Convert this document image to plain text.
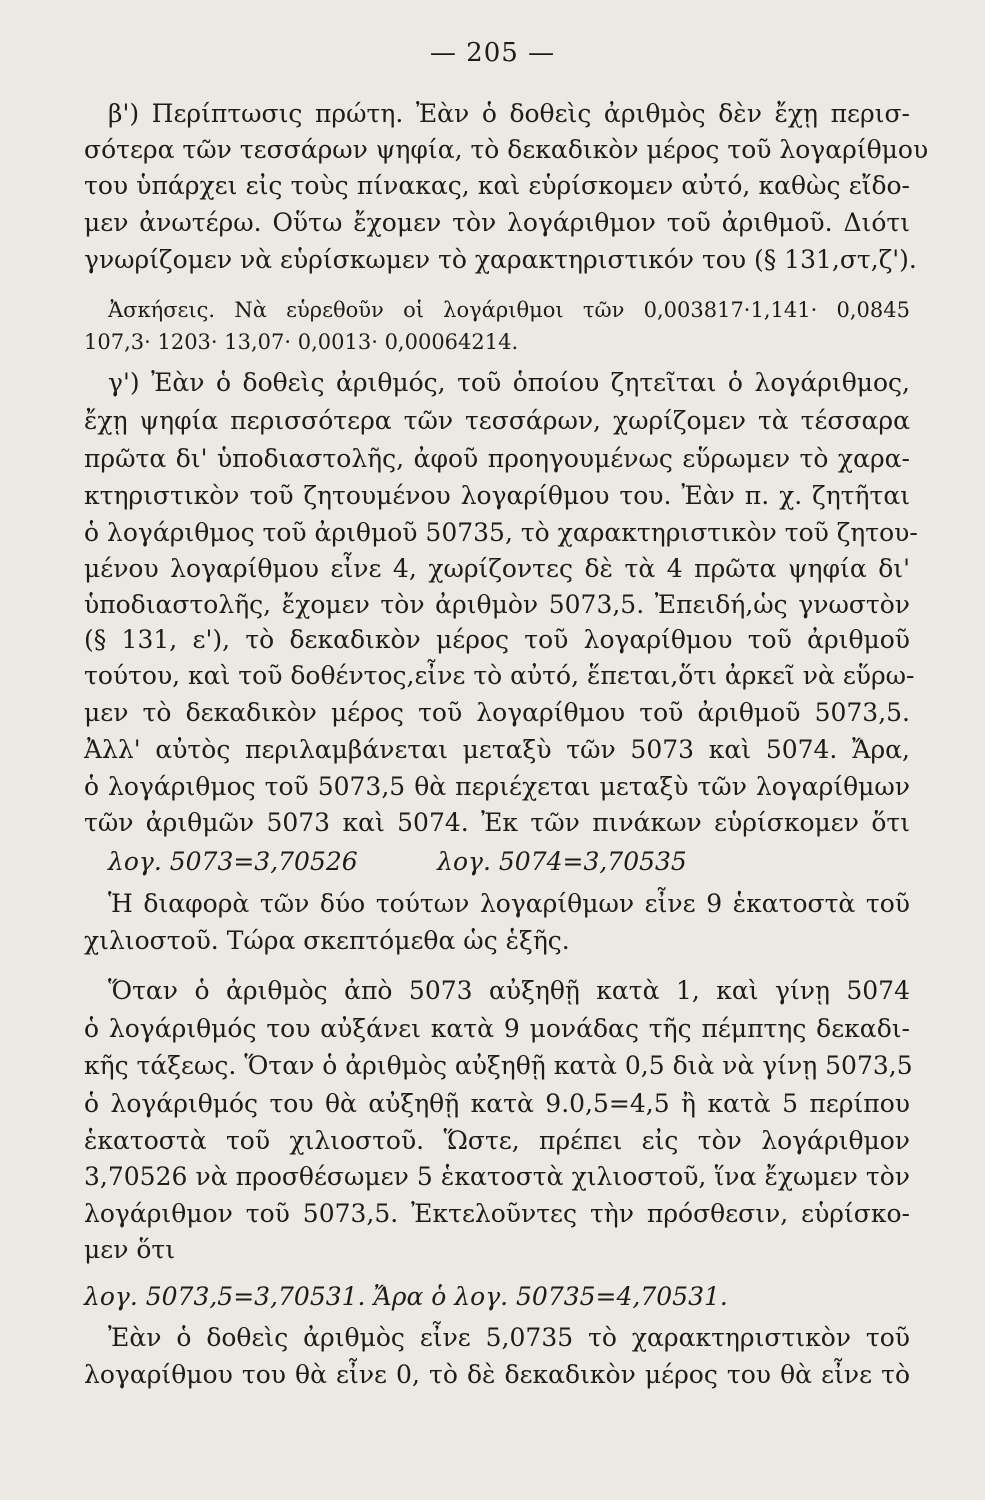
— 205 —
β') Περίπτωσις πρώτη. Ἐὰν ὁ δοθεὶς ἀριθμὸς δὲν ἔχῃ περισ-
σότερα τῶν τεσσάρων ψηφία, τὸ δεκαδικὸν μέρος τοῦ λογαρίθμου
του ὑπάρχει εἰς τοὺς πίνακας, καὶ εὑρίσκομεν αὐτό, καθὼς εἴδο-
μεν ἀνωτέρω. Οὕτω ἔχομεν τὸν λογάριθμον τοῦ ἀριθμοῦ. Διότι
γνωρίζομεν νὰ εὑρίσκωμεν τὸ χαρακτηριστικόν του (§ 131,στ,ζ').
Ἀσκήσεις. Νὰ εὑρεθοῦν οἱ λογάριθμοι τῶν 0,003817·1,141· 0,0845
107,3· 1203· 13,07· 0,0013· 0,00064214.
γ') Ἐὰν ὁ δοθεὶς ἀριθμός, τοῦ ὁποίου ζητεῖται ὁ λογάριθμος,
ἔχῃ ψηφία περισσότερα τῶν τεσσάρων, χωρίζομεν τὰ τέσσαρα
πρῶτα δι' ὑποδιαστολῆς, ἀφοῦ προηγουμένως εὕρωμεν τὸ χαρα-
κτηριστικὸν τοῦ ζητουμένου λογαρίθμου του. Ἐὰν π. χ. ζητῆται
ὁ λογάριθμος τοῦ ἀριθμοῦ 50735, τὸ χαρακτηριστικὸν τοῦ ζητου-
μένου λογαρίθμου εἶνε 4, χωρίζοντες δὲ τὰ 4 πρῶτα ψηφία δι'
ὑποδιαστολῆς, ἔχομεν τὸν ἀριθμὸν 5073,5. Ἐπειδή,ὡς γνωστὸν
(§ 131, ε'), τὸ δεκαδικὸν μέρος τοῦ λογαρίθμου τοῦ ἀριθμοῦ
τούτου, καὶ τοῦ δοθέντος,εἶνε τὸ αὐτό, ἕπεται,ὅτι ἀρκεῖ νὰ εὕρω-
μεν τὸ δεκαδικὸν μέρος τοῦ λογαρίθμου τοῦ ἀριθμοῦ 5073,5.
Ἀλλ' αὐτὸς περιλαμβάνεται μεταξὺ τῶν 5073 καὶ 5074. Ἄρα,
ὁ λογάριθμος τοῦ 5073,5 θὰ περιέχεται μεταξὺ τῶν λογαρίθμων
τῶν ἀριθμῶν 5073 καὶ 5074. Ἐκ τῶν πινάκων εὑρίσκομεν ὅτι
λογ. 5073=3,70526          λογ. 5074=3,70535
Ἡ διαφορὰ τῶν δύο τούτων λογαρίθμων εἶνε 9 ἑκατοστὰ τοῦ
χιλιοστοῦ. Τώρα σκεπτόμεθα ὡς ἑξῆς.
Ὅταν ὁ ἀριθμὸς ἀπὸ 5073 αὐξηθῇ κατὰ 1, καὶ γίνῃ 5074
ὁ λογάριθμός του αὐξάνει κατὰ 9 μονάδας τῆς πέμπτης δεκαδι-
κῆς τάξεως. Ὅταν ὁ ἀριθμὸς αὐξηθῇ κατὰ 0,5 διὰ νὰ γίνῃ 5073,5
ὁ λογάριθμός του θὰ αὐξηθῇ κατὰ 9.0,5=4,5 ἢ κατὰ 5 περίπου
ἑκατοστὰ τοῦ χιλιοστοῦ. Ὥστε, πρέπει εἰς τὸν λογάριθμον
3,70526 νὰ προσθέσωμεν 5 ἑκατοστὰ χιλιοστοῦ, ἵνα ἔχωμεν τὸν
λογάριθμον τοῦ 5073,5. Ἐκτελοῦντες τὴν πρόσθεσιν, εὑρίσκο-
μεν ὅτι
λογ. 5073,5=3,70531. Ἄρα ὁ λογ. 50735=4,70531.
Ἐὰν ὁ δοθεὶς ἀριθμὸς εἶνε 5,0735 τὸ χαρακτηριστικὸν τοῦ
λογαρίθμου του θὰ εἶνε 0, τὸ δὲ δεκαδικὸν μέρος του θὰ εἶνε τὸ
